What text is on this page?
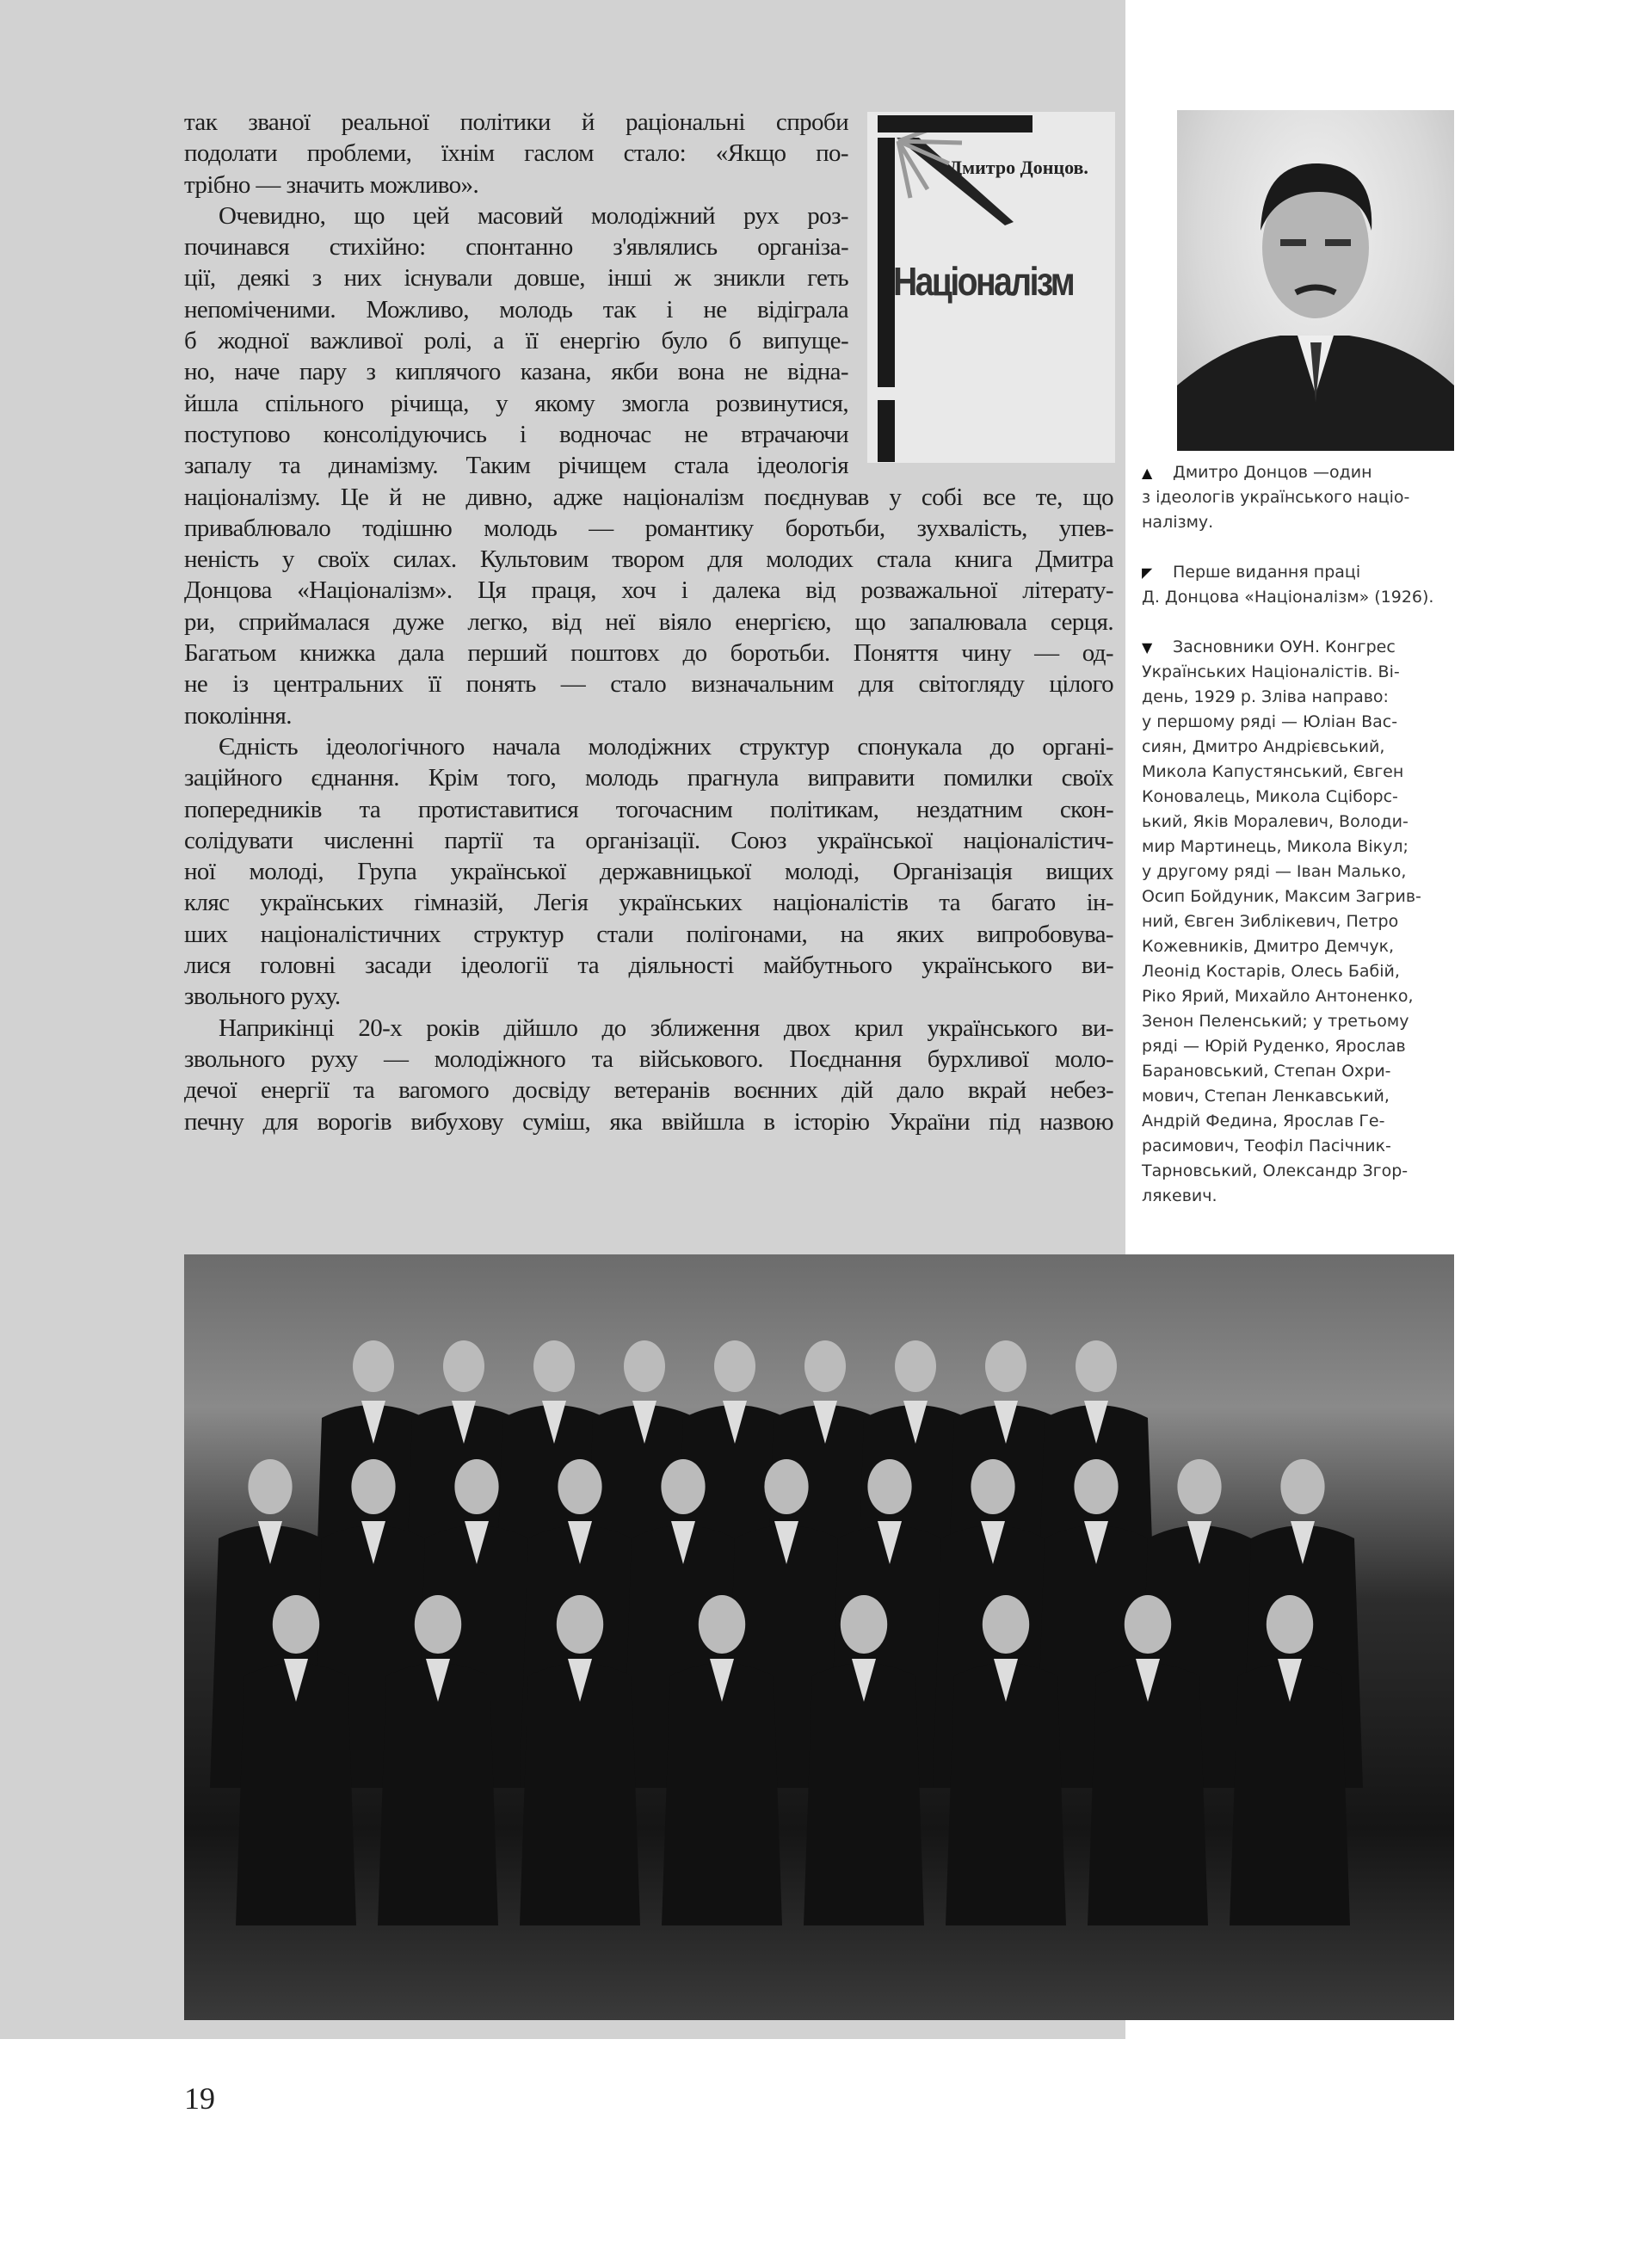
так званої реальної політики й раціональні спроби
подолати проблеми, їхнім гаслом стало: «Якщо по-
трібно — значить можливо».
Очевидно, що цей масовий молодіжний рух роз-
починався стихійно: спонтанно з'являлись організа-
ції, деякі з них існували довше, інші ж зникли геть
непоміченими. Можливо, молодь так і не відіграла
б жодної важливої ролі, а її енергію було б випуще-
но, наче пару з киплячого казана, якби вона не відна-
йшла спільного річища, у якому змогла розвинутися,
поступово консолідуючись і водночас не втрачаючи
запалу та динамізму. Таким річищем стала ідеологія
націоналізму. Це й не дивно, адже націоналізм поєднував у собі все те, що
приваблювало тодішню молодь — романтику боротьби, зухвалість, упев-
неність у своїх силах. Культовим твором для молодих стала книга Дмитра
Донцова «Націоналізм». Ця праця, хоч і далека від розважальної літерату-
ри, сприймалася дуже легко, від неї віяло енергією, що запалювала серця.
Багатьом книжка дала перший поштовх до боротьби. Поняття чину — од-
не із центральних її понять — стало визначальним для світогляду цілого
покоління.
Єдність ідеологічного начала молодіжних структур спонукала до органі-
заційного єднання. Крім того, молодь прагнула виправити помилки своїх
попередників та протиставитися тогочасним політикам, нездатним скон-
солідувати численні партії та організації. Союз української націоналістич-
ної молоді, Група української державницької молоді, Організація вищих
кляс українських гімназій, Легія українських націоналістів та багато ін-
ших націоналістичних структур стали полігонами, на яких випробовува-
лися головні засади ідеології та діяльності майбутнього українського ви-
звольного руху.
Наприкінці 20-х років дійшло до зближення двох крил українського ви-
звольного руху — молодіжного та військового. Поєднання бурхливої моло-
дечої енергії та вагомого досвіду ветеранів воєнних дій дало вкрай небез-
печну для ворогів вибухову суміш, яка ввійшла в історію України під назвою
Дмитро Донцов.
Націоналізм
▲ Дмитро Донцов —один
з ідеологів українського націо-
налізму.
◤ Перше видання праці
Д. Донцова «Націоналізм» (1926).
▼ Засновники ОУН. Конгрес
Українських Націоналістів. Ві-
день, 1929 р. Зліва направо:
у першому ряді — Юліан Вас-
сиян, Дмитро Андрієвський,
Микола Капустянський, Євген
Коновалець, Микола Сціборс-
ький, Яків Моралевич, Володи-
мир Мартинець, Микола Вікул;
у другому ряді — Іван Малько,
Осип Бойдуник, Максим Загрив-
ний, Євген Зиблікевич, Петро
Кожевників, Дмитро Демчук,
Леонід Костарів, Олесь Бабій,
Ріко Ярий, Михайло Антоненко,
Зенон Пеленський; у третьому
ряді — Юрій Руденко, Ярослав
Барановський, Степан Охри-
мович, Степан Ленкавський,
Андрій Федина, Ярослав Ге-
расимович, Теофіл Пасічник-
Тарновський, Олександр Згор-
лякевич.
19
